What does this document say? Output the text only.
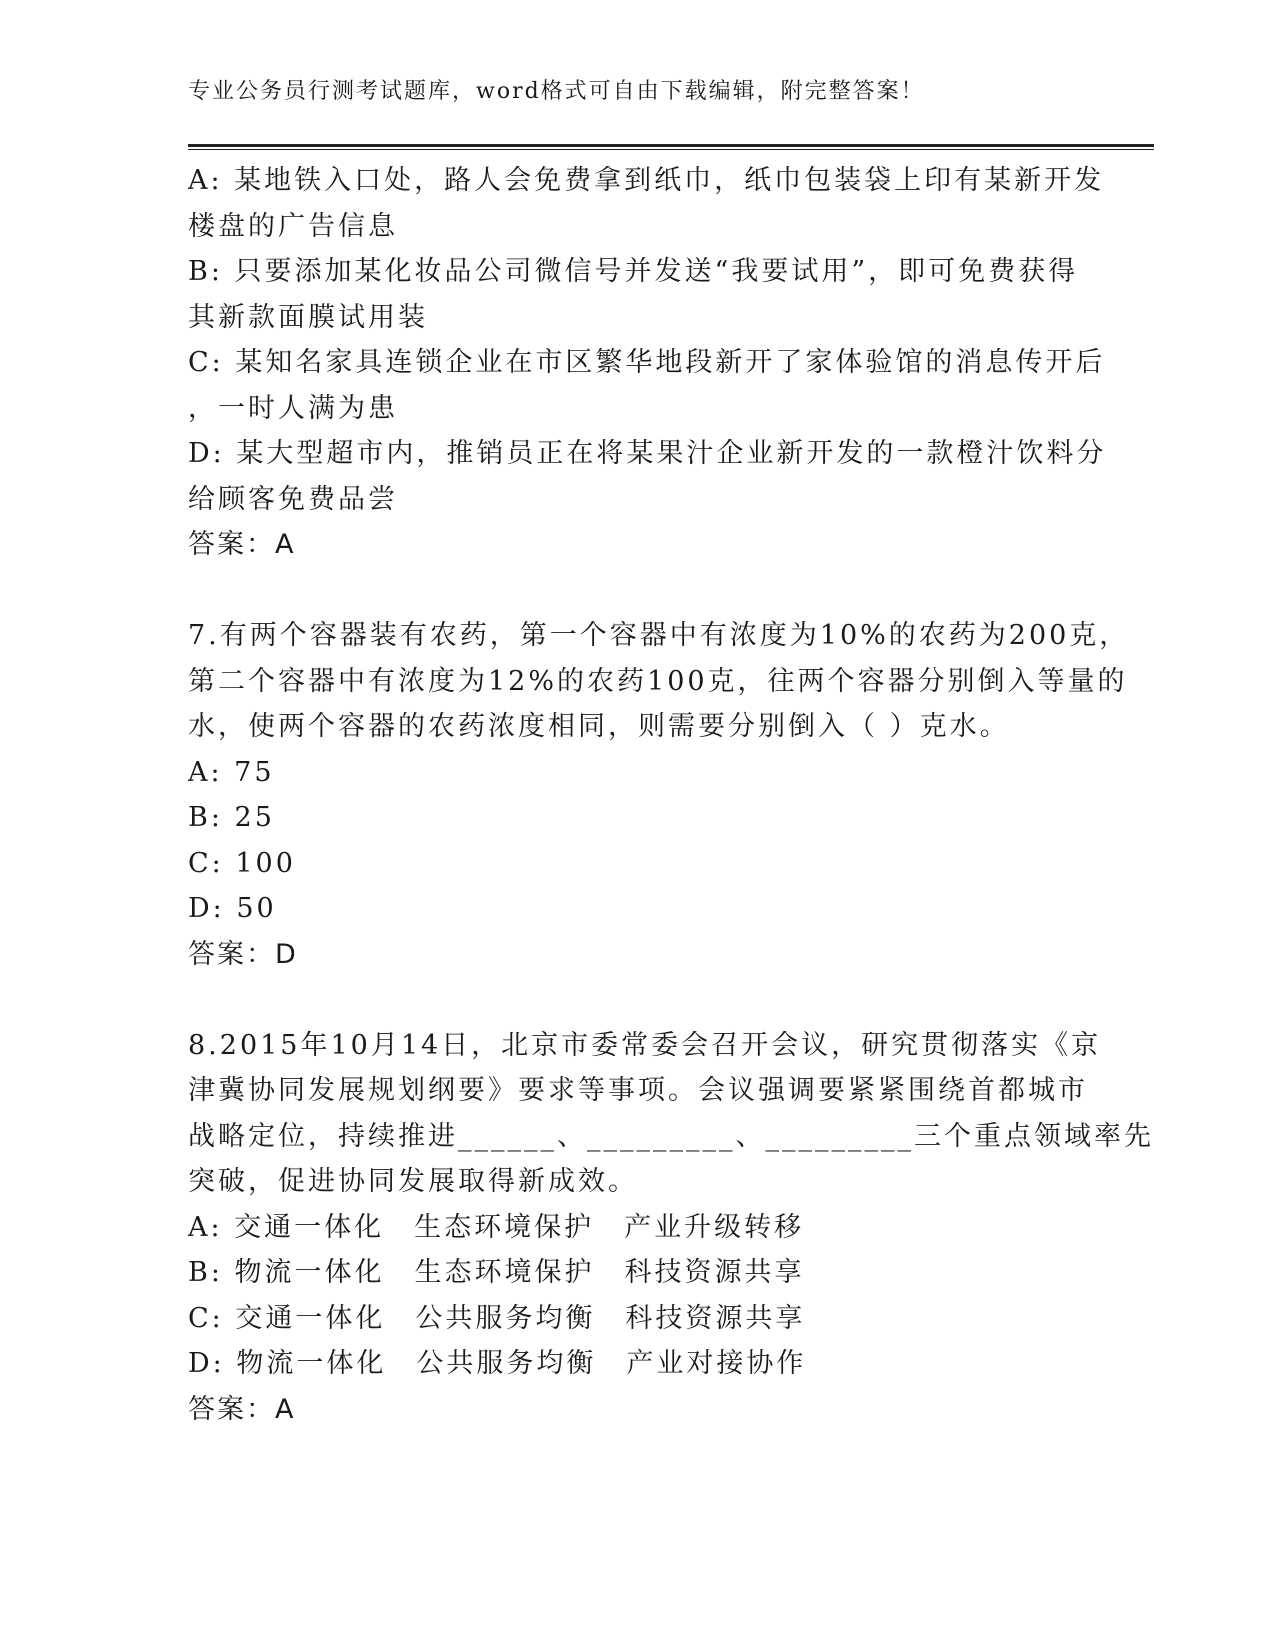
专业公务员行测考试题库，word格式可自由下载编辑，附完整答案！
A: 某地铁入口处，路人会免费拿到纸巾，纸巾包装袋上印有某新开发
楼盘的广告信息
B: 只要添加某化妆品公司微信号并发送“我要试用”，即可免费获得
其新款面膜试用装
C: 某知名家具连锁企业在市区繁华地段新开了家体验馆的消息传开后
，一时人满为患
D: 某大型超市内，推销员正在将某果汁企业新开发的一款橙汁饮料分
给顾客免费品尝
答案：A
7.有两个容器装有农药，第一个容器中有浓度为10%的农药为200克，
第二个容器中有浓度为12%的农药100克，往两个容器分别倒入等量的
水，使两个容器的农药浓度相同，则需要分别倒入（ ）克水。
A: 75
B: 25
C: 100
D: 50
答案：D
8.2015年10月14日，北京市委常委会召开会议，研究贯彻落实《京
津冀协同发展规划纲要》要求等事项。会议强调要紧紧围绕首都城市
战略定位，持续推进______、_________、_________三个重点领域率先
突破，促进协同发展取得新成效。
A: 交通一体化　生态环境保护　产业升级转移
B: 物流一体化　生态环境保护　科技资源共享
C: 交通一体化　公共服务均衡　科技资源共享
D: 物流一体化　公共服务均衡　产业对接协作
答案：A
